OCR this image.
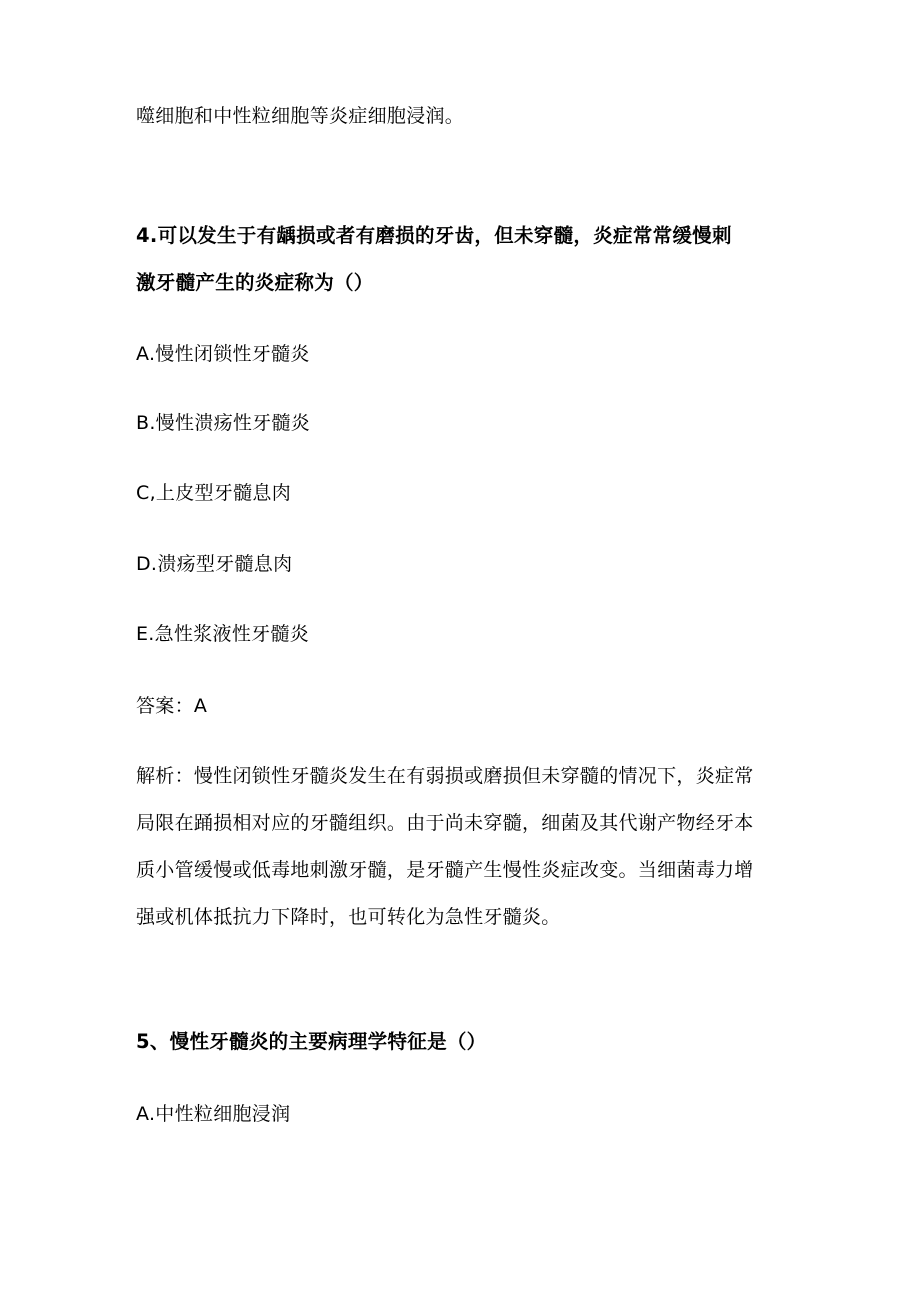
噬细胞和中性粒细胞等炎症细胞浸润。
4.可以发生于有龋损或者有磨损的牙齿，但未穿髓，炎症常常缓慢刺
激牙髓产生的炎症称为（）
A.慢性闭锁性牙髓炎
B.慢性溃疡性牙髓炎
C,上皮型牙髓息肉
D.溃疡型牙髓息肉
E.急性浆液性牙髓炎
答案：A
解析：慢性闭锁性牙髓炎发生在有弱损或磨损但未穿髓的情况下，炎症常
局限在踊损相对应的牙髓组织。由于尚未穿髓，细菌及其代谢产物经牙本
质小管缓慢或低毒地刺激牙髓，是牙髓产生慢性炎症改变。当细菌毒力增
强或机体抵抗力下降时，也可转化为急性牙髓炎。
5、慢性牙髓炎的主要病理学特征是（）
A.中性粒细胞浸润
